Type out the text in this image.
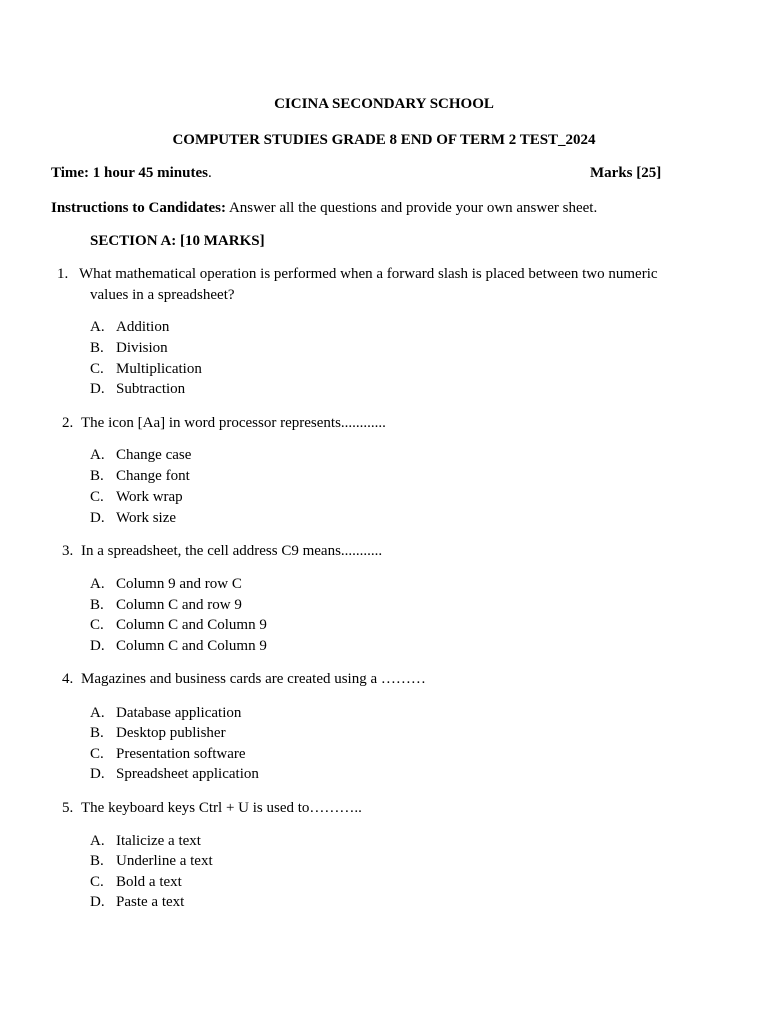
CICINA SECONDARY SCHOOL
COMPUTER STUDIES GRADE 8 END OF TERM 2 TEST_2024
Time: 1 hour 45 minutes.	Marks [25]
Instructions to Candidates: Answer all the questions and provide your own answer sheet.
SECTION A: [10 MARKS]
1. What mathematical operation is performed when a forward slash is placed between two numeric
values in a spreadsheet?
A. Addition
B. Division
C. Multiplication
D. Subtraction
2. The icon [Aa] in word processor represents............
A. Change case
B. Change font
C. Work wrap
D. Work size
3. In a spreadsheet, the cell address C9 means...........
A. Column 9 and row C
B. Column C and row 9
C. Column C and Column 9
D. Column C and Column 9
4. Magazines and business cards are created using a ………
A. Database application
B. Desktop publisher
C. Presentation software
D. Spreadsheet application
5. The keyboard keys Ctrl + U is used to………..
A. Italicize a text
B. Underline a text
C. Bold a text
D. Paste a text
